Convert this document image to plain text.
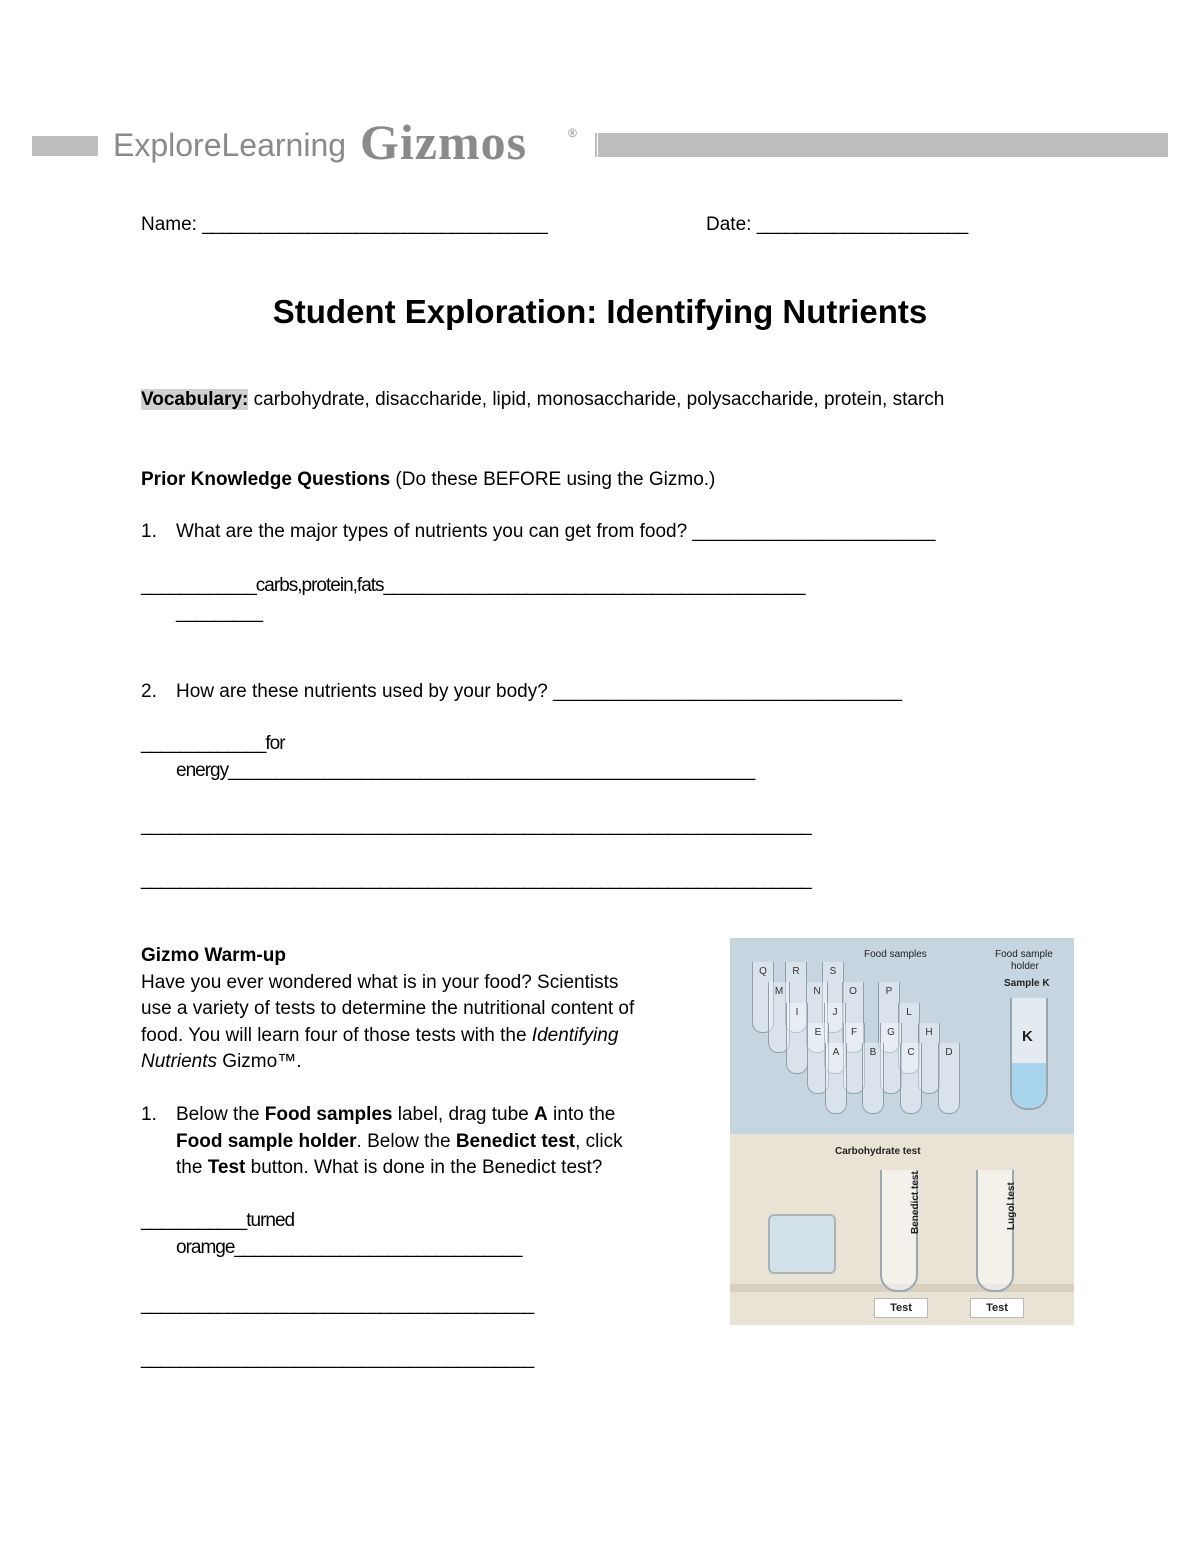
ExploreLearning Gizmos	®
Name: ____________________________________	Date: ______________________
Student Exploration: Identifying Nutrients
Vocabulary: carbohydrate, disaccharide, lipid, monosaccharide, polysaccharide, protein, starch
Prior Knowledge Questions (Do these BEFORE using the Gizmo.)
1. What are the major types of nutrients you can get from food? _______________________
____________carbs,protein,fats____________________________________________
_________
2. How are these nutrients used by your body? _________________________________
_____________for
energy_______________________________________________________
______________________________________________________________________
______________________________________________________________________
Gizmo Warm-up
Have you ever wondered what is in your food? Scientists
use a variety of tests to determine the nutritional content of
food. You will learn four of those tests with the Identifying
Nutrients Gizmo™.
1. Below the Food samples label, drag tube A into the
Food sample holder. Below the Benedict test, click
the Test button. What is done in the Benedict test?
___________turned
oramge______________________________
_________________________________________
_________________________________________
Food samples	Food sample
holder
Sample K
Q	R	S
M	N	O	P
I	J	L
E	F	G	H
A	B	C	D
K
Carbohydrate test
Benedict test	Lugol test
Test	Test
